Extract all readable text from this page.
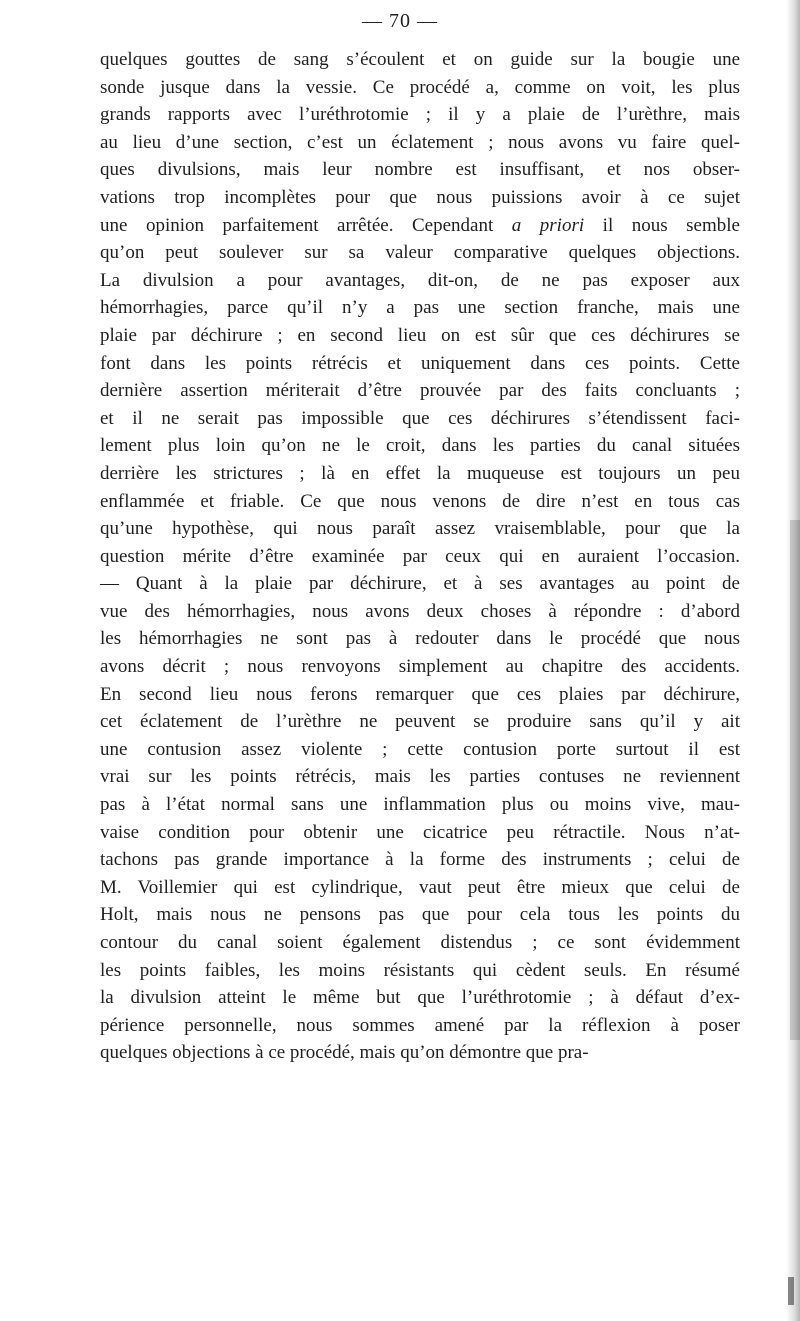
— 70 —
quelques gouttes de sang s’écoulent et on guide sur la bougie une
sonde jusque dans la vessie. Ce procédé a, comme on voit, les plus
grands rapports avec l’uréthrotomie ; il y a plaie de l’urèthre, mais
au lieu d’une section, c’est un éclatement ; nous avons vu faire quel-
ques divulsions, mais leur nombre est insuffisant, et nos obser-
vations trop incomplètes pour que nous puissions avoir à ce sujet
une opinion parfaitement arrêtée. Cependant a priori il nous semble
qu’on peut soulever sur sa valeur comparative quelques objections.
La divulsion a pour avantages, dit-on, de ne pas exposer aux
hémorrhagies, parce qu’il n’y a pas une section franche, mais une
plaie par déchirure ; en second lieu on est sûr que ces déchirures se
font dans les points rétrécis et uniquement dans ces points. Cette
dernière assertion mériterait d’être prouvée par des faits concluants ;
et il ne serait pas impossible que ces déchirures s’étendissent faci-
lement plus loin qu’on ne le croit, dans les parties du canal situées
derrière les strictures ; là en effet la muqueuse est toujours un peu
enflammée et friable. Ce que nous venons de dire n’est en tous cas
qu’une hypothèse, qui nous paraît assez vraisemblable, pour que la
question mérite d’être examinée par ceux qui en auraient l’occasion.
— Quant à la plaie par déchirure, et à ses avantages au point de
vue des hémorrhagies, nous avons deux choses à répondre : d’abord
les hémorrhagies ne sont pas à redouter dans le procédé que nous
avons décrit ; nous renvoyons simplement au chapitre des accidents.
En second lieu nous ferons remarquer que ces plaies par déchirure,
cet éclatement de l’urèthre ne peuvent se produire sans qu’il y ait
une contusion assez violente ; cette contusion porte surtout il est
vrai sur les points rétrécis, mais les parties contuses ne reviennent
pas à l’état normal sans une inflammation plus ou moins vive, mau-
vaise condition pour obtenir une cicatrice peu rétractile. Nous n’at-
tachons pas grande importance à la forme des instruments ; celui de
M. Voillemier qui est cylindrique, vaut peut être mieux que celui de
Holt, mais nous ne pensons pas que pour cela tous les points du
contour du canal soient également distendus ; ce sont évidemment
les points faibles, les moins résistants qui cèdent seuls. En résumé
la divulsion atteint le même but que l’uréthrotomie ; à défaut d’ex-
périence personnelle, nous sommes amené par la réflexion à poser
quelques objections à ce procédé, mais qu’on démontre que pra-
